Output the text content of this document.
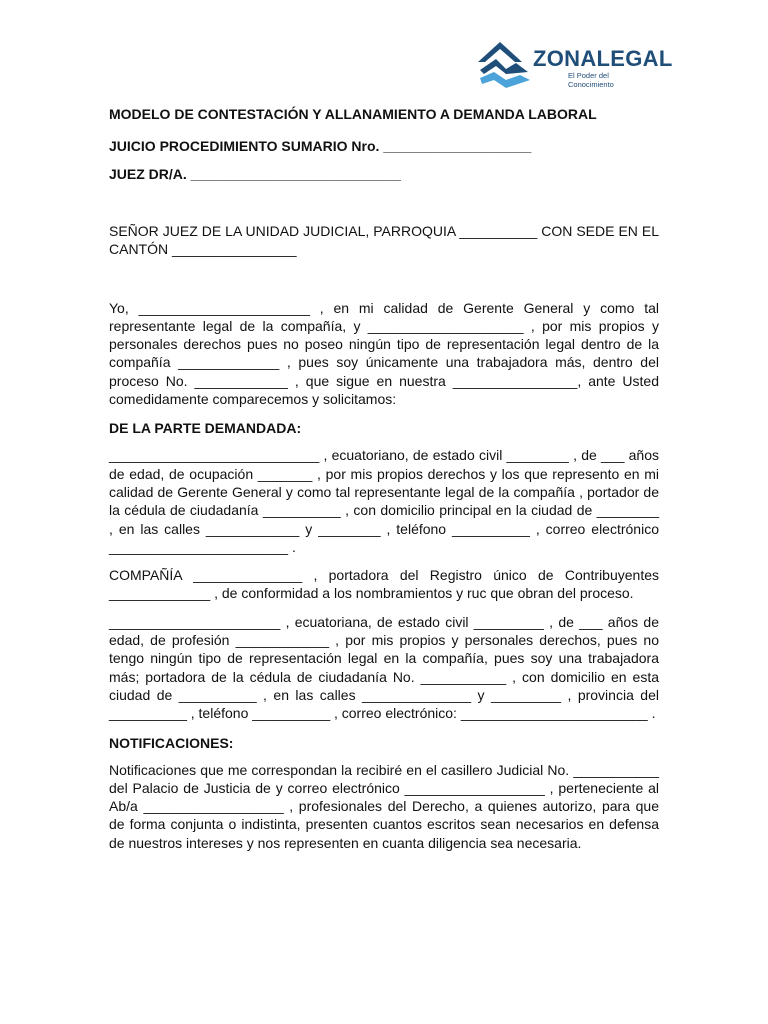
ZONALEGAL
El Poder del Conocimiento

MODELO DE CONTESTACIÓN Y ALLANAMIENTO A DEMANDA LABORAL

JUICIO PROCEDIMIENTO SUMARIO Nro. ___________________

JUEZ DR/A. ___________________________

SEÑOR JUEZ DE LA UNIDAD JUDICIAL, PARROQUIA __________ CON SEDE EN EL CANTÓN ________________

Yo, ______________________ , en mi calidad de Gerente General y como tal representante legal de la compañía, y ____________________ , por mis propios y personales derechos pues no poseo ningún tipo de representación legal dentro de la compañía _____________ , pues soy únicamente una trabajadora más, dentro del proceso No. ____________ , que sigue en nuestra ________________, ante Usted comedidamente comparecemos y solicitamos:

DE LA PARTE DEMANDADA:

___________________________ , ecuatoriano, de estado civil ________ , de ___ años de edad, de ocupación _______ , por mis propios derechos y los que represento en mi calidad de Gerente General y como tal representante legal de la compañía , portador de la cédula de ciudadanía __________ , con domicilio principal en la ciudad de ________ , en las calles ____________ y ________ , teléfono __________ , correo electrónico _______________________ .

COMPAÑÍA ______________ , portadora del Registro único de Contribuyentes _____________ , de conformidad a los nombramientos y ruc que obran del proceso.

______________________ , ecuatoriana, de estado civil _________ , de ___ años de edad, de profesión ____________ , por mis propios y personales derechos, pues no tengo ningún tipo de representación legal en la compañía, pues soy una trabajadora más; portadora de la cédula de ciudadanía No. ___________ , con domicilio en esta ciudad de __________ , en las calles ______________ y _________ , provincia del __________ , teléfono __________ , correo electrónico: ________________________ .

NOTIFICACIONES:

Notificaciones que me correspondan la recibiré en el casillero Judicial No. ___________ del Palacio de Justicia de y correo electrónico __________________ , perteneciente al Ab/a __________________ , profesionales del Derecho, a quienes autorizo, para que de forma conjunta o indistinta, presenten cuantos escritos sean necesarios en defensa de nuestros intereses y nos representen en cuanta diligencia sea necesaria.
